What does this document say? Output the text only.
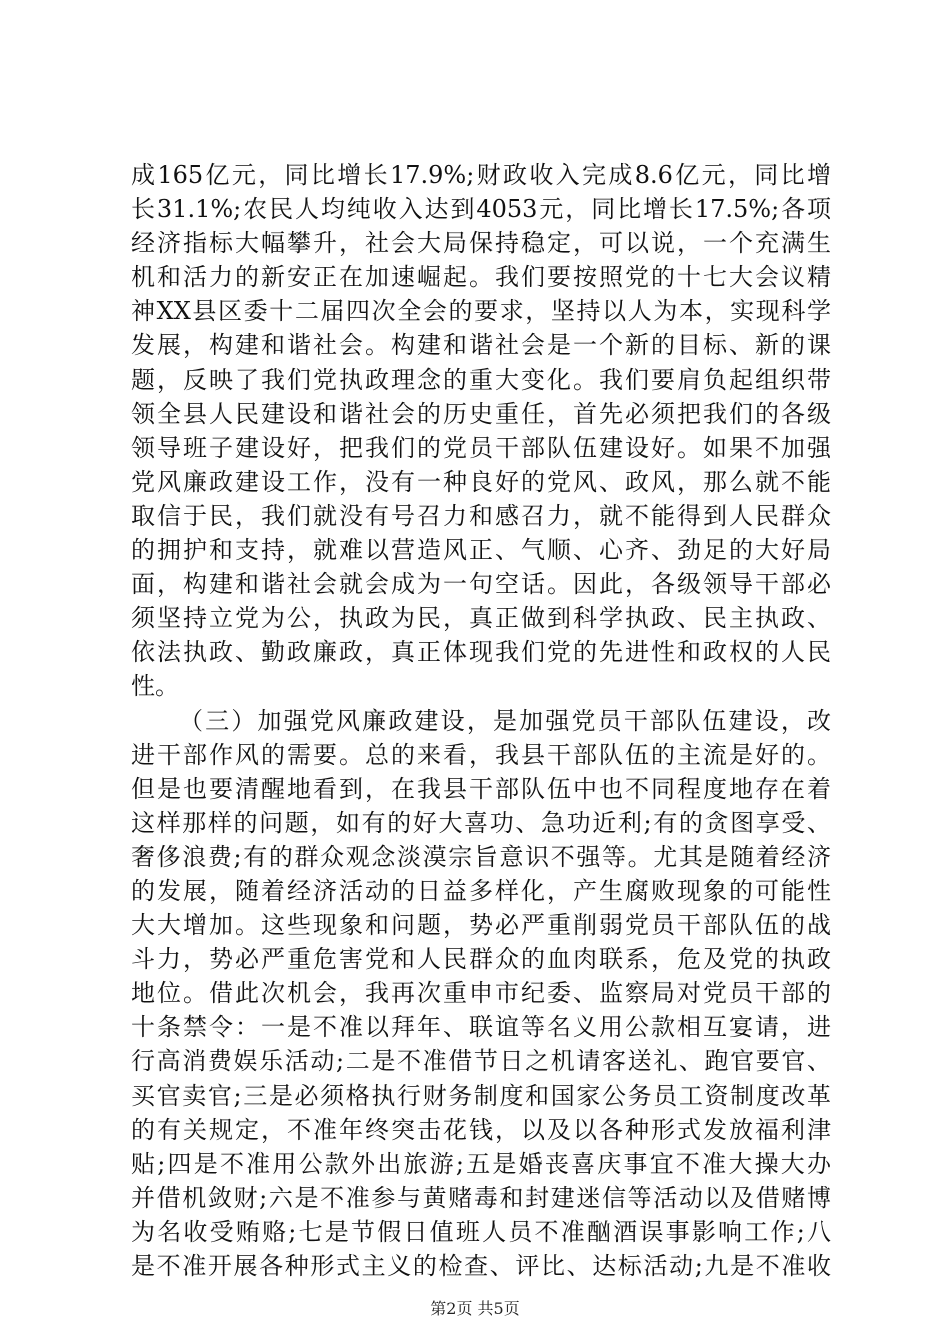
成165亿元，同比增长17.9%;财政收入完成8.6亿元，同比增
长31.1%;农民人均纯收入达到4053元，同比增长17.5%;各项
经济指标大幅攀升，社会大局保持稳定，可以说，一个充满生
机和活力的新安正在加速崛起。我们要按照党的十七大会议精
神XX县区委十二届四次全会的要求，坚持以人为本，实现科学
发展，构建和谐社会。构建和谐社会是一个新的目标、新的课
题，反映了我们党执政理念的重大变化。我们要肩负起组织带
领全县人民建设和谐社会的历史重任，首先必须把我们的各级
领导班子建设好，把我们的党员干部队伍建设好。如果不加强
党风廉政建设工作，没有一种良好的党风、政风，那么就不能
取信于民，我们就没有号召力和感召力，就不能得到人民群众
的拥护和支持，就难以营造风正、气顺、心齐、劲足的大好局
面，构建和谐社会就会成为一句空话。因此，各级领导干部必
须坚持立党为公，执政为民，真正做到科学执政、民主执政、
依法执政、勤政廉政，真正体现我们党的先进性和政权的人民
性。
（三）加强党风廉政建设，是加强党员干部队伍建设，改
进干部作风的需要。总的来看，我县干部队伍的主流是好的。
但是也要清醒地看到，在我县干部队伍中也不同程度地存在着
这样那样的问题，如有的好大喜功、急功近利;有的贪图享受、
奢侈浪费;有的群众观念淡漠宗旨意识不强等。尤其是随着经济
的发展，随着经济活动的日益多样化，产生腐败现象的可能性
大大增加。这些现象和问题，势必严重削弱党员干部队伍的战
斗力，势必严重危害党和人民群众的血肉联系，危及党的执政
地位。借此次机会，我再次重申市纪委、监察局对党员干部的
十条禁令：一是不准以拜年、联谊等名义用公款相互宴请，进
行高消费娱乐活动;二是不准借节日之机请客送礼、跑官要官、
买官卖官;三是必须格执行财务制度和国家公务员工资制度改革
的有关规定，不准年终突击花钱，以及以各种形式发放福利津
贴;四是不准用公款外出旅游;五是婚丧喜庆事宜不准大操大办
并借机敛财;六是不准参与黄赌毒和封建迷信等活动以及借赌博
为名收受贿赂;七是节假日值班人员不准酗酒误事影响工作;八
是不准开展各种形式主义的检查、评比、达标活动;九是不准收
第2页 共5页
